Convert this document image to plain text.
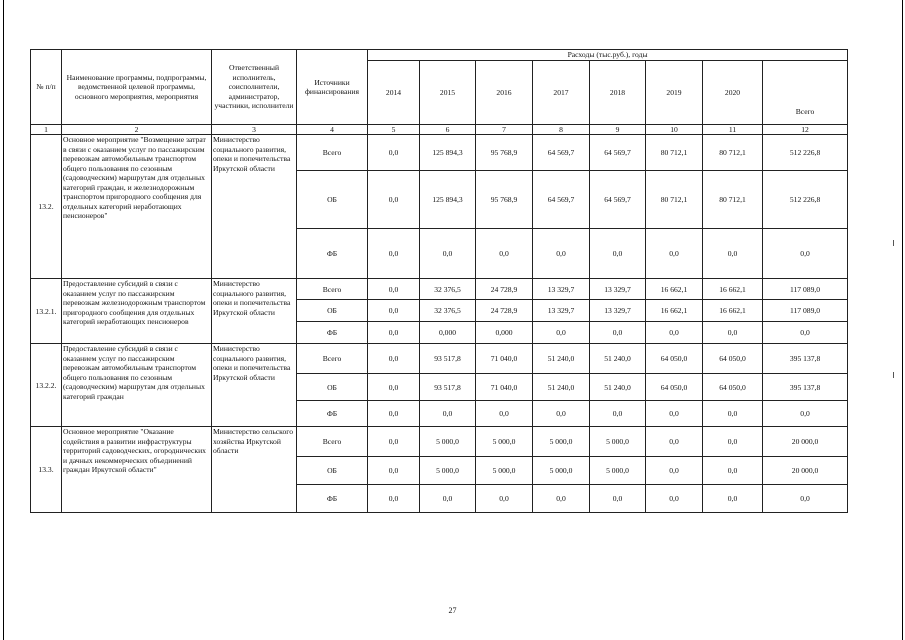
№ п/п	Наименование программы, подпрограммы, ведомственной целевой программы, основного мероприятия, мероприятия	Ответственный исполнитель, соисполнители, администратор, участники, исполнители	Источники финансирования	Расходы (тыс.руб.), годы							
				2014	2015	2016	2017	2018	2019	2020	Всего
1	2	3	4	5	6	7	8	9	10	11	12
13.2.	Основное мероприятие "Возмещение затрат в связи с оказанием услуг по пассажирским перевозкам автомобильным транспортом общего пользования по сезонным (садоводческим) маршрутам для отдельных категорий граждан, и железнодорожным транспортом пригородного сообщения для отдельных категорий неработающих пенсионеров"	Министерство социального развития, опеки и попечительства Иркутской области	Всего	0,0	125 894,3	95 768,9	64 569,7	64 569,7	80 712,1	80 712,1	512 226,8
			ОБ	0,0	125 894,3	95 768,9	64 569,7	64 569,7	80 712,1	80 712,1	512 226,8
			ФБ	0,0	0,0	0,0	0,0	0,0	0,0	0,0	0,0
13.2.1.	Предоставление субсидий в связи с оказанием услуг по пассажирским перевозкам железнодорожным транспортом пригородного сообщения для отдельных категорий неработающих пенсионеров	Министерство социального развития, опеки и попечительства Иркутской области	Всего	0,0	32 376,5	24 728,9	13 329,7	13 329,7	16 662,1	16 662,1	117 089,0
			ОБ	0,0	32 376,5	24 728,9	13 329,7	13 329,7	16 662,1	16 662,1	117 089,0
			ФБ	0,0	0,000	0,000	0,0	0,0	0,0	0,0	0,0
13.2.2.	Предоставление субсидий в связи с оказанием услуг по пассажирским перевозкам автомобильным транспортом общего пользования по сезонным (садоводческим) маршрутам для отдельных категорий граждан	Министерство социального развития, опеки и попечительства Иркутской области	Всего	0,0	93 517,8	71 040,0	51 240,0	51 240,0	64 050,0	64 050,0	395 137,8
			ОБ	0,0	93 517,8	71 040,0	51 240,0	51 240,0	64 050,0	64 050,0	395 137,8
			ФБ	0,0	0,0	0,0	0,0	0,0	0,0	0,0	0,0
13.3.	Основное мероприятие "Оказание содействия в развитии инфраструктуры территорий садоводческих, огороднических и дачных некоммерческих объединений граждан Иркутской области"	Министерство сельского хозяйства Иркутской области	Всего	0,0	5 000,0	5 000,0	5 000,0	5 000,0	0,0	0,0	20 000,0
			ОБ	0,0	5 000,0	5 000,0	5 000,0	5 000,0	0,0	0,0	20 000,0
			ФБ	0,0	0,0	0,0	0,0	0,0	0,0	0,0	0,0
27
